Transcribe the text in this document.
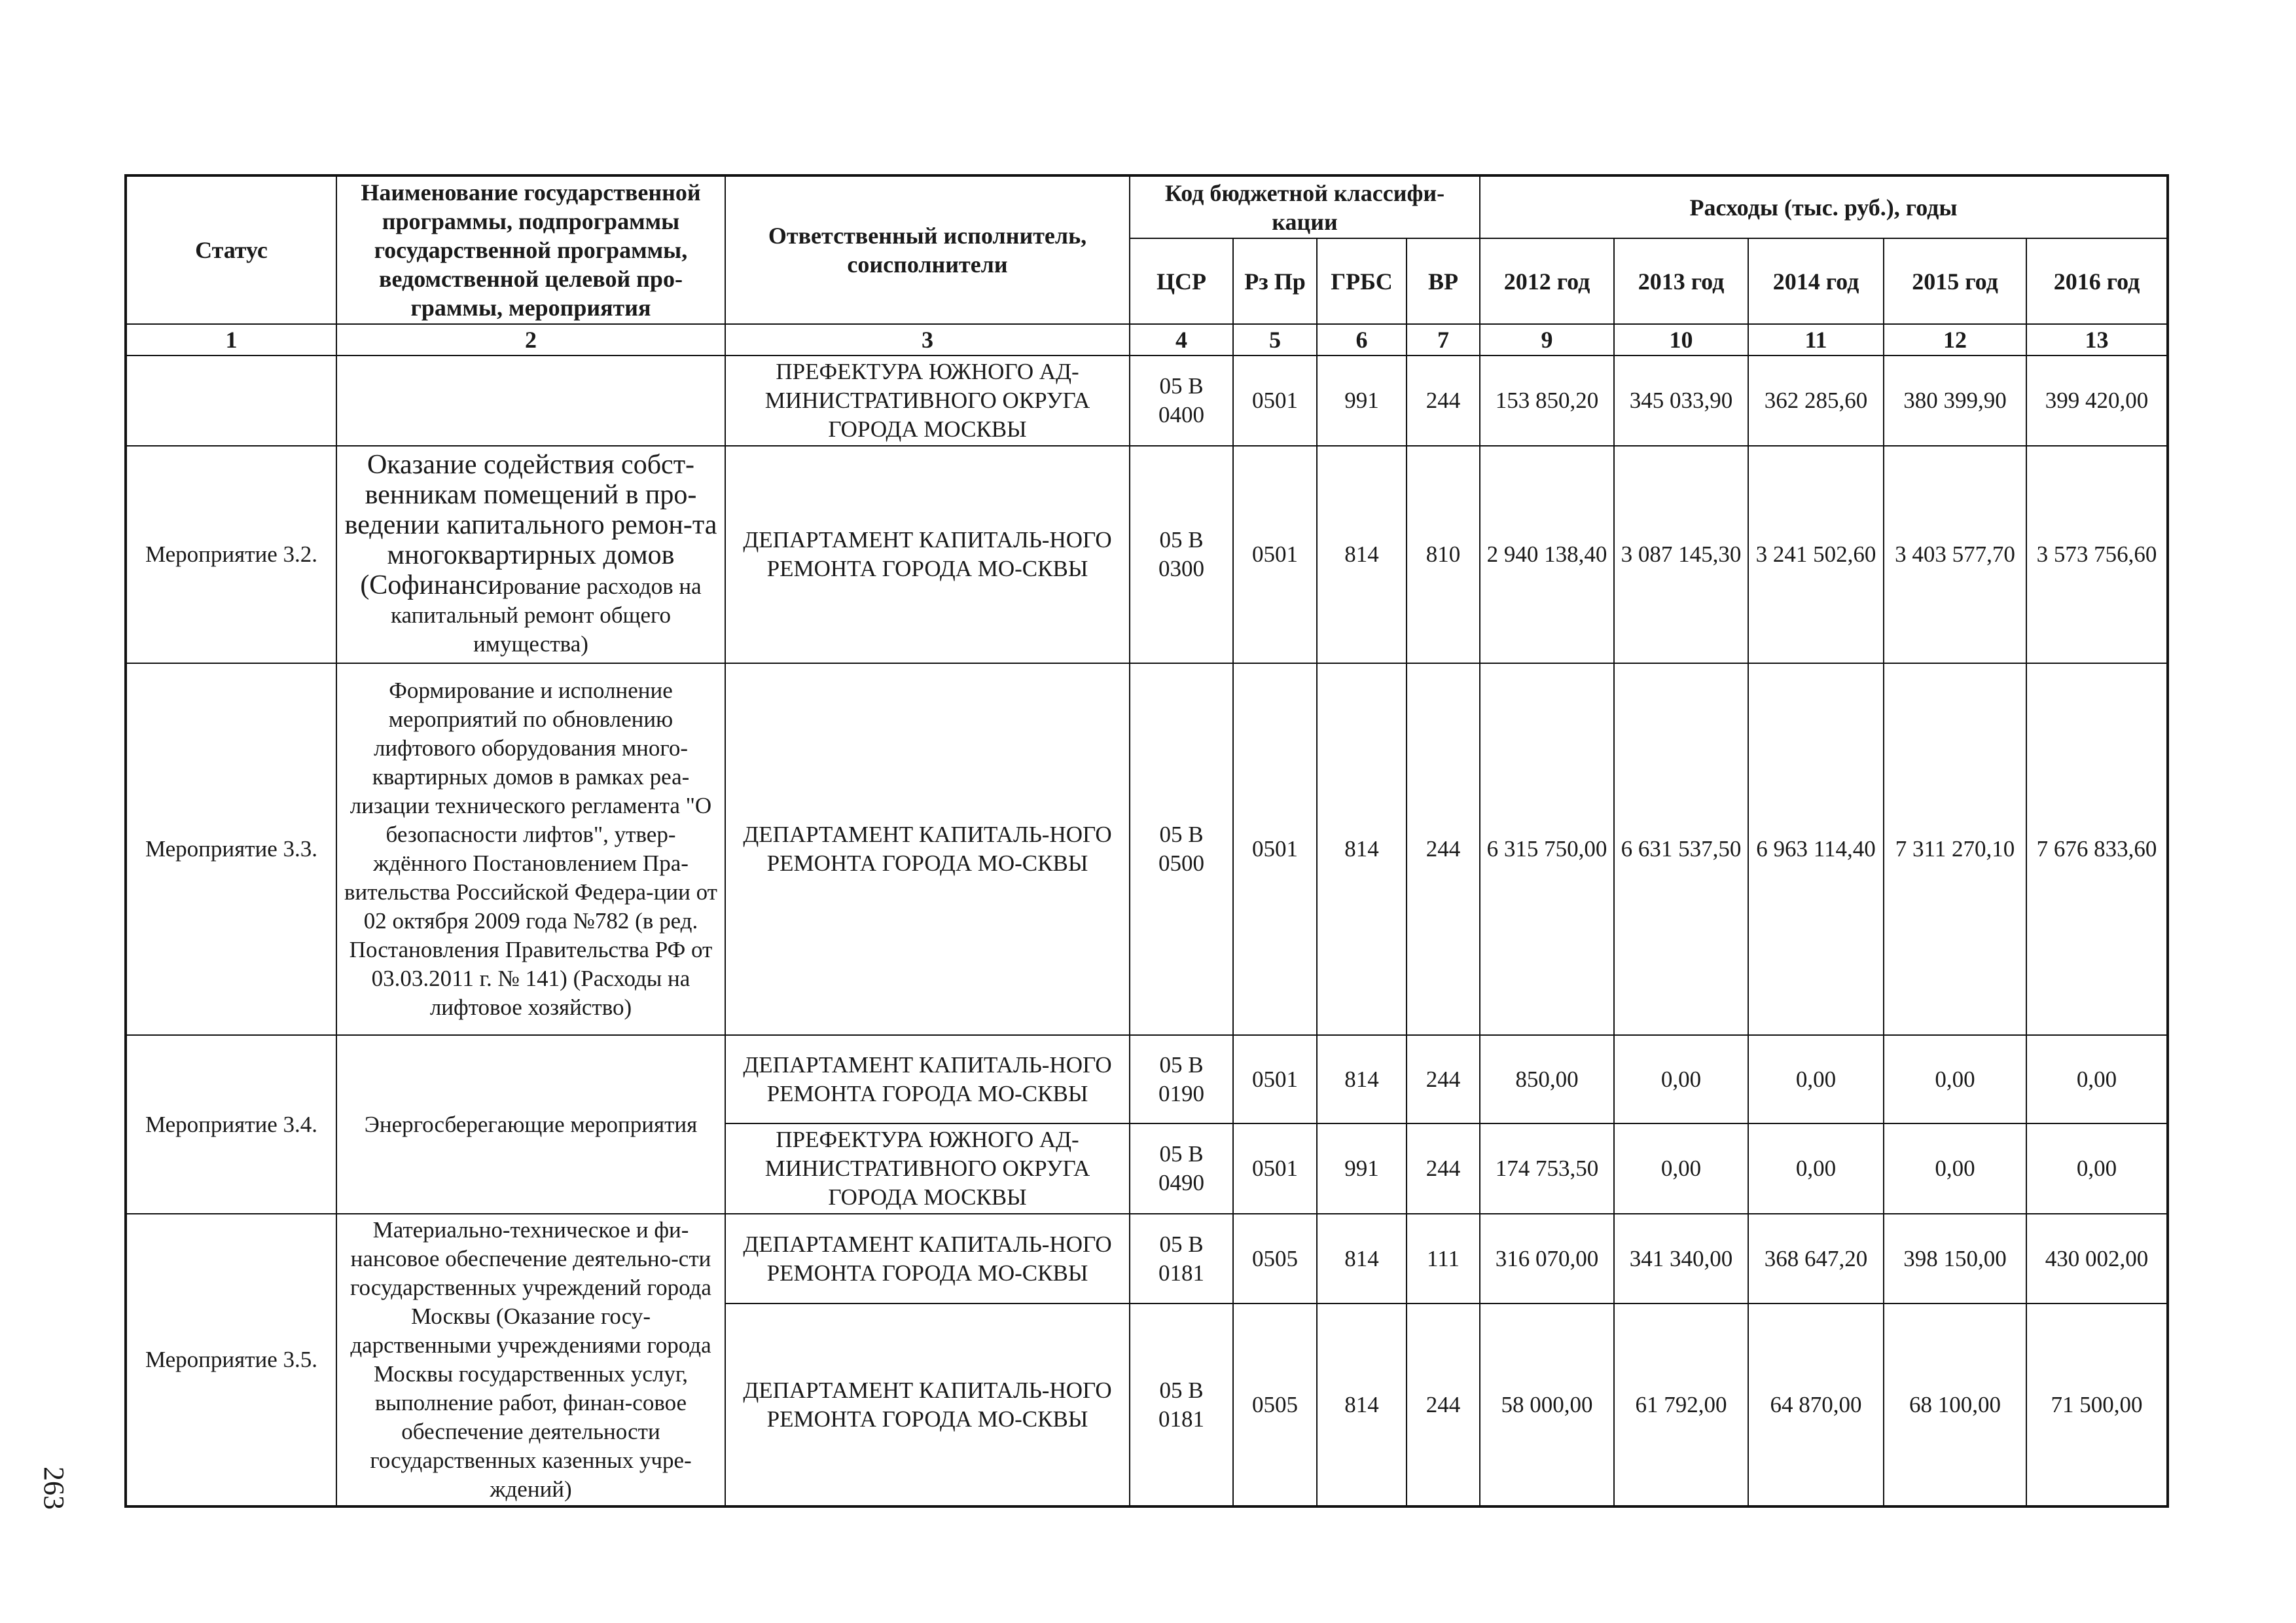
Статус	Наименование государственной программы, подпрограммы государственной программы, ведомственной целевой про-граммы, мероприятия	Ответственный исполнитель, соисполнители	Код бюджетной классифи-кации				Расходы (тыс. руб.), годы				
			ЦСР	Рз Пр	ГРБС	ВР	2012 год	2013 год	2014 год	2015 год	2016 год
1	2	3	4	5	6	7	9	10	11	12	13
		ПРЕФЕКТУРА ЮЖНОГО АД-МИНИСТРАТИВНОГО ОКРУГА ГОРОДА МОСКВЫ	05 В 0400	0501	991	244	153 850,20	345 033,90	362 285,60	380 399,90	399 420,00
Мероприятие 3.2.	Оказание содействия собст-венникам помещений в про-ведении капитального ремон-та многоквартирных домов (Софинансирование расходов на капитальный ремонт общего имущества)	ДЕПАРТАМЕНТ КАПИТАЛЬ-НОГО РЕМОНТА ГОРОДА МО-СКВЫ	05 В 0300	0501	814	810	2 940 138,40	3 087 145,30	3 241 502,60	3 403 577,70	3 573 756,60
Мероприятие 3.3.	Формирование и исполнение мероприятий по обновлению лифтового оборудования много-квартирных домов в рамках реа-лизации технического регламента "О безопасности лифтов", утвер-ждённого Постановлением Пра-вительства Российской Федера-ции от 02 октября 2009 года №782 (в ред. Постановления Правительства РФ от 03.03.2011 г. № 141) (Расходы на лифтовое хозяйство)	ДЕПАРТАМЕНТ КАПИТАЛЬ-НОГО РЕМОНТА ГОРОДА МО-СКВЫ	05 В 0500	0501	814	244	6 315 750,00	6 631 537,50	6 963 114,40	7 311 270,10	7 676 833,60
Мероприятие 3.4.	Энергосберегающие мероприятия	ДЕПАРТАМЕНТ КАПИТАЛЬ-НОГО РЕМОНТА ГОРОДА МО-СКВЫ	05 В 0190	0501	814	244	850,00	0,00	0,00	0,00	0,00
		ПРЕФЕКТУРА ЮЖНОГО АД-МИНИСТРАТИВНОГО ОКРУГА ГОРОДА МОСКВЫ	05 В 0490	0501	991	244	174 753,50	0,00	0,00	0,00	0,00
Мероприятие 3.5.	Материально-техническое и фи-нансовое обеспечение деятельно-сти государственных учреждений города Москвы (Оказание госу-дарственными учреждениями города Москвы государственных услуг, выполнение работ, финан-совое обеспечение деятельности государственных казенных учре-ждений)	ДЕПАРТАМЕНТ КАПИТАЛЬ-НОГО РЕМОНТА ГОРОДА МО-СКВЫ	05 В 0181	0505	814	111	316 070,00	341 340,00	368 647,20	398 150,00	430 002,00
		ДЕПАРТАМЕНТ КАПИТАЛЬ-НОГО РЕМОНТА ГОРОДА МО-СКВЫ	05 В 0181	0505	814	244	58 000,00	61 792,00	64 870,00	68 100,00	71 500,00
263
